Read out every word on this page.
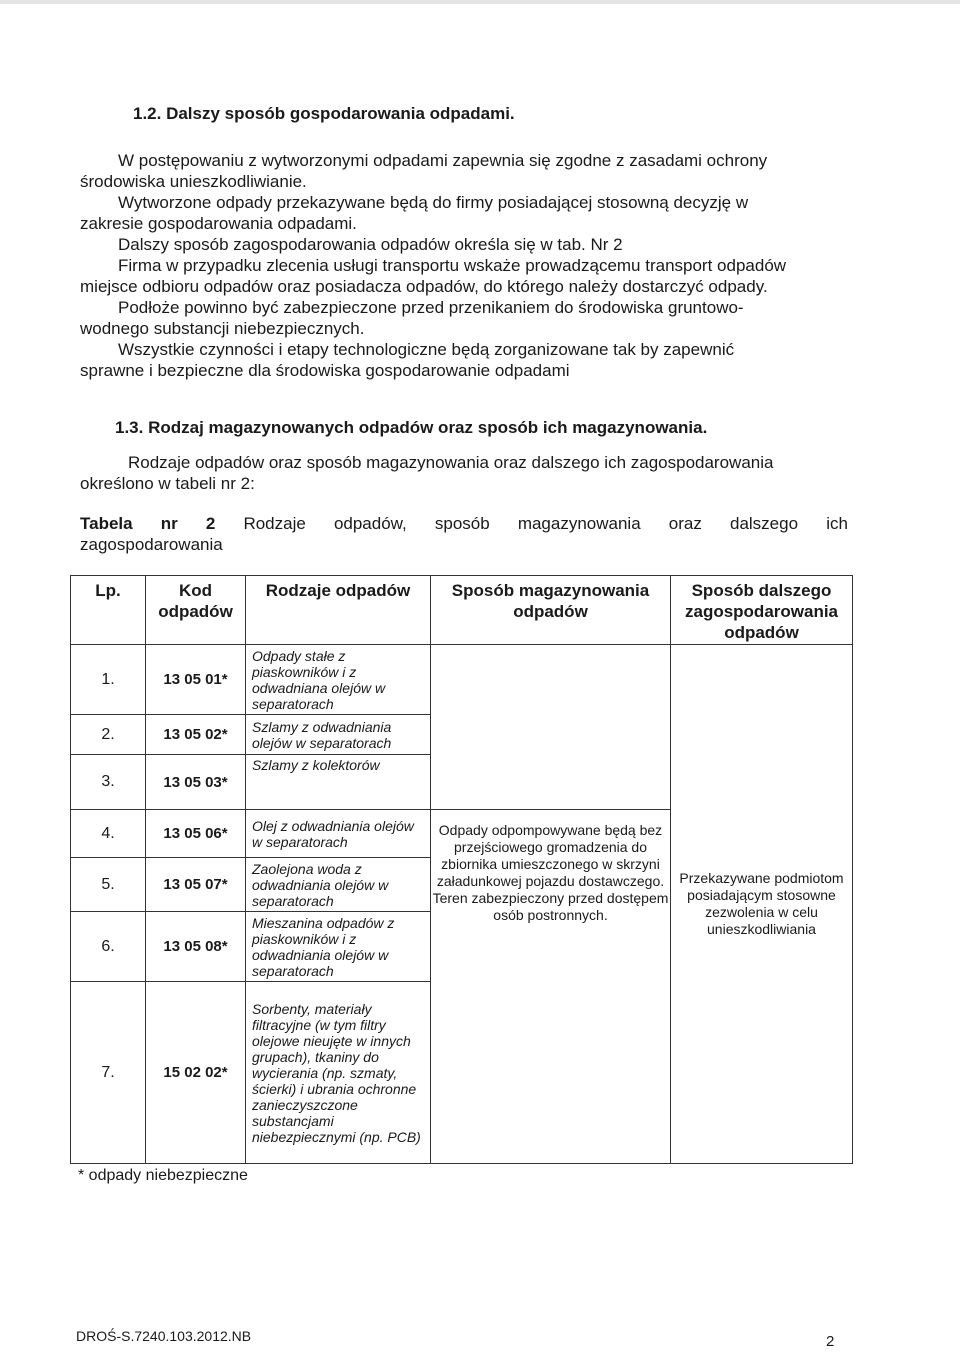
1.2. Dalszy sposób gospodarowania odpadami.
W postępowaniu z wytworzonymi odpadami zapewnia się zgodne z zasadami ochrony
środowiska unieszkodliwianie.
Wytworzone odpady przekazywane będą do firmy posiadającej stosowną decyzję w
zakresie gospodarowania odpadami.
Dalszy sposób zagospodarowania odpadów określa się w tab. Nr 2
Firma w przypadku zlecenia usługi transportu wskaże prowadzącemu transport odpadów
miejsce odbioru odpadów oraz posiadacza odpadów, do którego należy dostarczyć odpady.
Podłoże powinno być zabezpieczone przed przenikaniem do środowiska gruntowo-
wodnego substancji niebezpiecznych.
Wszystkie czynności i etapy technologiczne będą zorganizowane tak by zapewnić
sprawne i bezpieczne dla środowiska gospodarowanie odpadami
1.3. Rodzaj magazynowanych odpadów oraz sposób ich magazynowania.
Rodzaje odpadów oraz sposób magazynowania oraz dalszego ich zagospodarowania
określono w tabeli nr 2:
Tabela nr 2 Rodzaje odpadów, sposób magazynowania oraz dalszego ich
zagospodarowania
Lp.	Kod odpadów	Rodzaje odpadów	Sposób magazynowania odpadów	Sposób dalszego zagospodarowania odpadów
1.	13 05 01*	Odpady stałe z piaskowników i z odwadniana olejów w separatorach		Przekazywane podmiotom posiadającym stosowne zezwolenia w celu unieszkodliwiania
2.	13 05 02*	Szlamy z odwadniania olejów w separatorach		
3.	13 05 03*	Szlamy z kolektorów		
4.	13 05 06*	Olej z odwadniania olejów w separatorach	Odpady odpompowywane będą bez przejściowego gromadzenia do zbiornika umieszczonego w skrzyni załadunkowej pojazdu dostawczego. Teren zabezpieczony przed dostępem osób postronnych.	
5.	13 05 07*	Zaolejona woda z odwadniania olejów w separatorach		
6.	13 05 08*	Mieszanina odpadów z piaskowników i z odwadniania olejów w separatorach		
7.	15 02 02*	Sorbenty, materiały filtracyjne (w tym filtry olejowe nieujęte w innych grupach), tkaniny do wycierania (np. szmaty, ścierki) i ubrania ochronne zanieczyszczone substancjami niebezpiecznymi (np. PCB)		
* odpady niebezpieczne
DROŚ-S.7240.103.2012.NB	2
